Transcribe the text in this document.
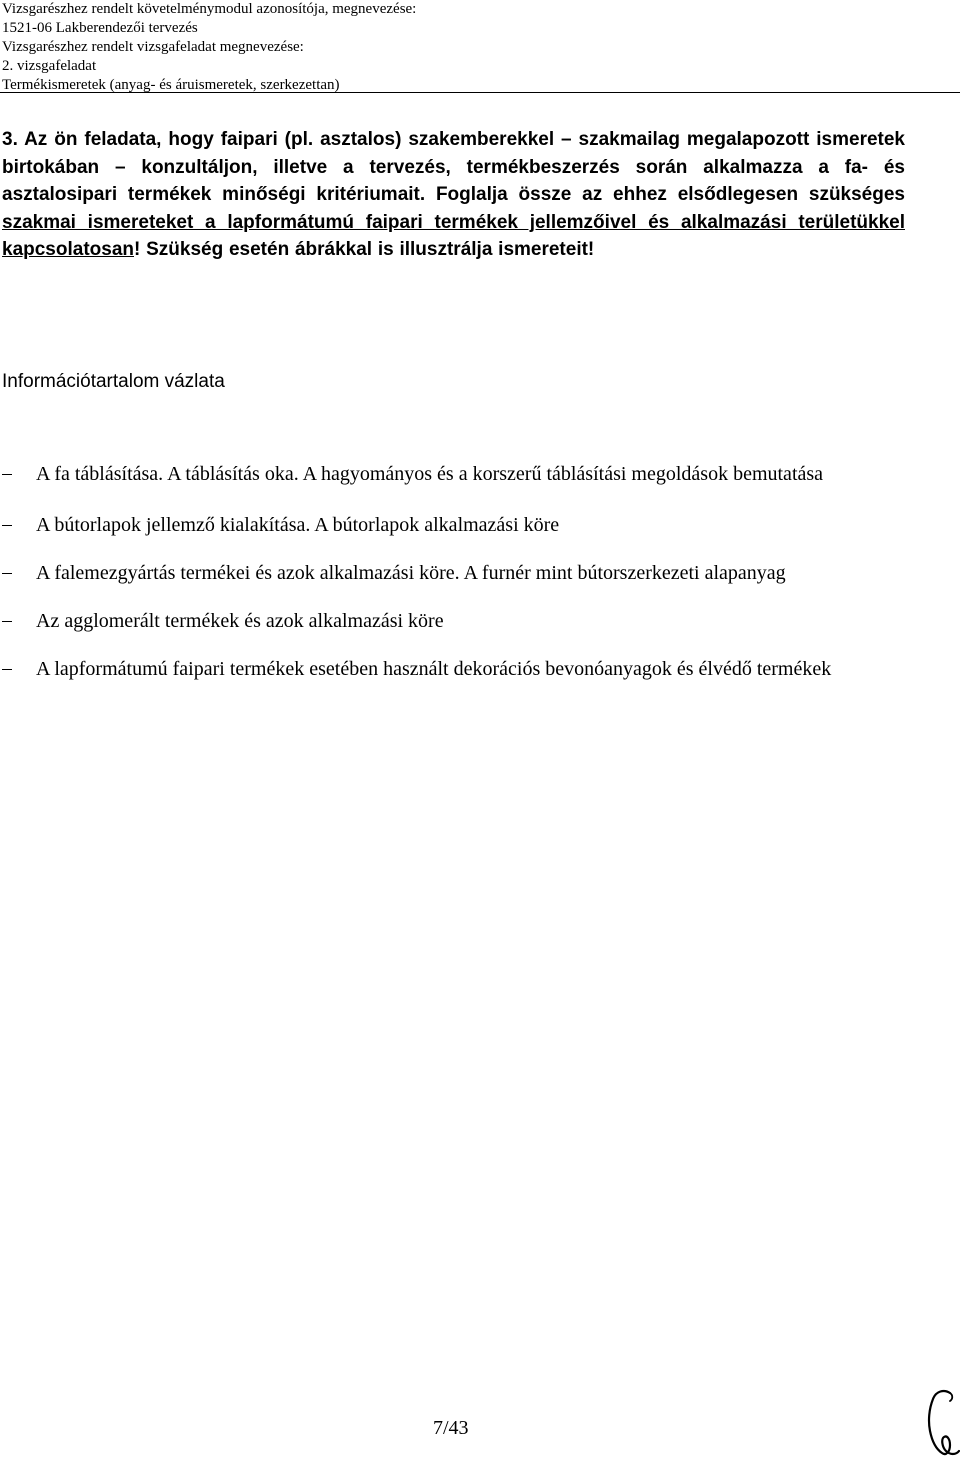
Vizsgarészhez rendelt követelménymodul azonosítója, megnevezése:
1521-06 Lakberendezői tervezés
Vizsgarészhez rendelt vizsgafeladat megnevezése:
2. vizsgafeladat
Termékismeretek (anyag- és áruismeretek, szerkezettan)
3. Az ön feladata, hogy faipari (pl. asztalos) szakemberekkel – szakmailag megalapozott ismeretek birtokában – konzultáljon, illetve a tervezés, termékbeszerzés során alkalmazza a fa- és asztalosipari termékek minőségi kritériumait. Foglalja össze az ehhez elsődlegesen szükséges szakmai ismereteket a lapformátumú faipari termékek jellemzőivel és alkalmazási területükkel kapcsolatosan! Szükség esetén ábrákkal is illusztrálja ismereteit!
Információtartalom vázlata
A fa táblásítása. A táblásítás oka. A hagyományos és a korszerű táblásítási megoldások bemutatása
A bútorlapok jellemző kialakítása. A bútorlapok alkalmazási köre
A falemezgyártás termékei és azok alkalmazási köre. A furnér mint bútorszerkezeti alapanyag
Az agglomerált termékek és azok alkalmazási köre
A lapformátumú faipari termékek esetében használt dekorációs bevonóanyagok és élvédő termékek
7/43
